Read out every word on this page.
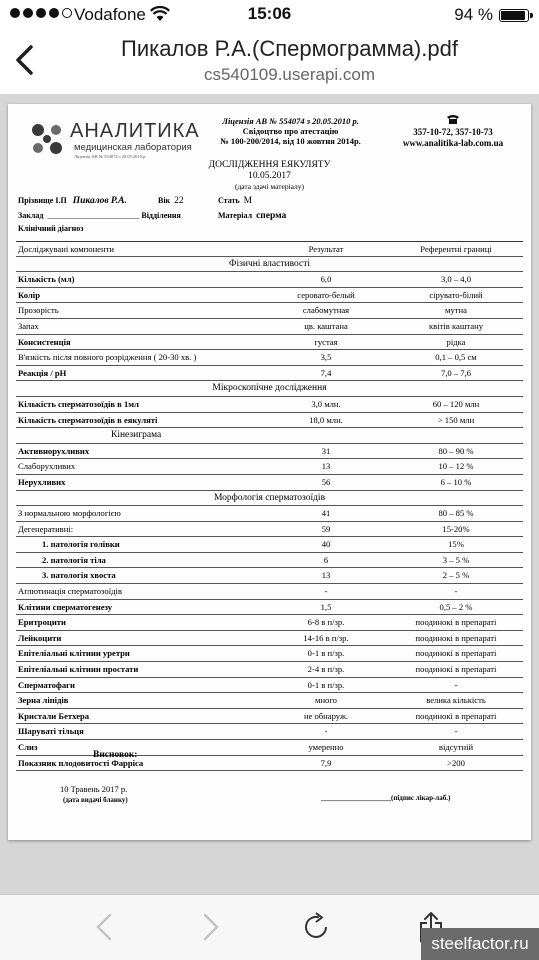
Vodafone	15:06	94 %
Пикалов Р.А.(Спермограмма).pdf
cs540109.userapi.com
АНАЛИТИКА
медицинская лаборатория
Ліцензія АВ № 554074 з 20.05.2010 р.
Ліцензія АВ № 554074 з 20.05.2010 р.
Свідоцтво про атестацію
№ 100-200/2014, від 10 жовтня 2014р.
357-10-72, 357-10-73
www.analitika-lab.com.ua
ДОСЛІДЖЕННЯ ЕЯКУЛЯТУ
10.05.2017
(дата здачі матеріалу)
Прізвище І.П Пикалов Р.А.	Вік 22	Стать М
Заклад _______________________ Відділення	Матеріал сперма
Клінічний діагноз
Досліджувані компоненти	Результат	Референтні границі
Фізичні властивості
Кількість (мл)	6,0	3,0 – 4,0
Колір	серовато-белый	сірувато-білий
Прозорість	слабомутная	мутна
Запах	цв. каштана	квітів каштану
Консистенція	густая	рідка
В'язкість після повного розрідження ( 20-30 хв. )	3,5	0,1 – 0,5 см
Реакція / рН	7,4	7,0 – 7,6
Мікроскопічне дослідження
Кількість сперматозоїдів в 1мл	3,0 млн.	60 – 120 млн
Кількість сперматозоїдів в еякуляті	18,0 млн.	> 150 млн
Кінезиграма
Активнорухливих	31	80 – 90 %
Слаборухливих	13	10 – 12 %
Нерухливих	56	6 – 10 %
Морфологія сперматозоїдів
З нормальною морфологією	41	80 – 85 %
Дегенеративні:	59	15-20%
1. патологія голівки	40	15%
2. патологія тіла	6	3 – 5 %
3. патологія хвоста	13	2 – 5 %
Аглютинація сперматозоїдів	-	-
Клітини сперматогенезу	1,5	0,5 – 2 %
Еритроцити	6-8 в п/зр.	поодинокі в препараті
Лейкоцити	14-16 в п/зр.	поодинокі в препараті
Епітеліальні клітини уретри	0-1 в п/зр.	поодинокі в препараті
Епітеліальні клітини простати	2-4 в п/зр.	поодинокі в препараті
Сперматофаги	0-1 в п/зр.	-
Зерна ліпідів	много	велика кількість
Кристали Бетхера	не обнаруж.	поодинокі в препараті
Шаруваті тільця	-	-
Слиз	умеренно	відсутній
Показник плодовитості Фарріса	7,9	>200
Висновок:
10 Травень 2017 р.
(дата видачі бланку)	____________________(підпис лікар-лаб.)
steelfactor.ru
